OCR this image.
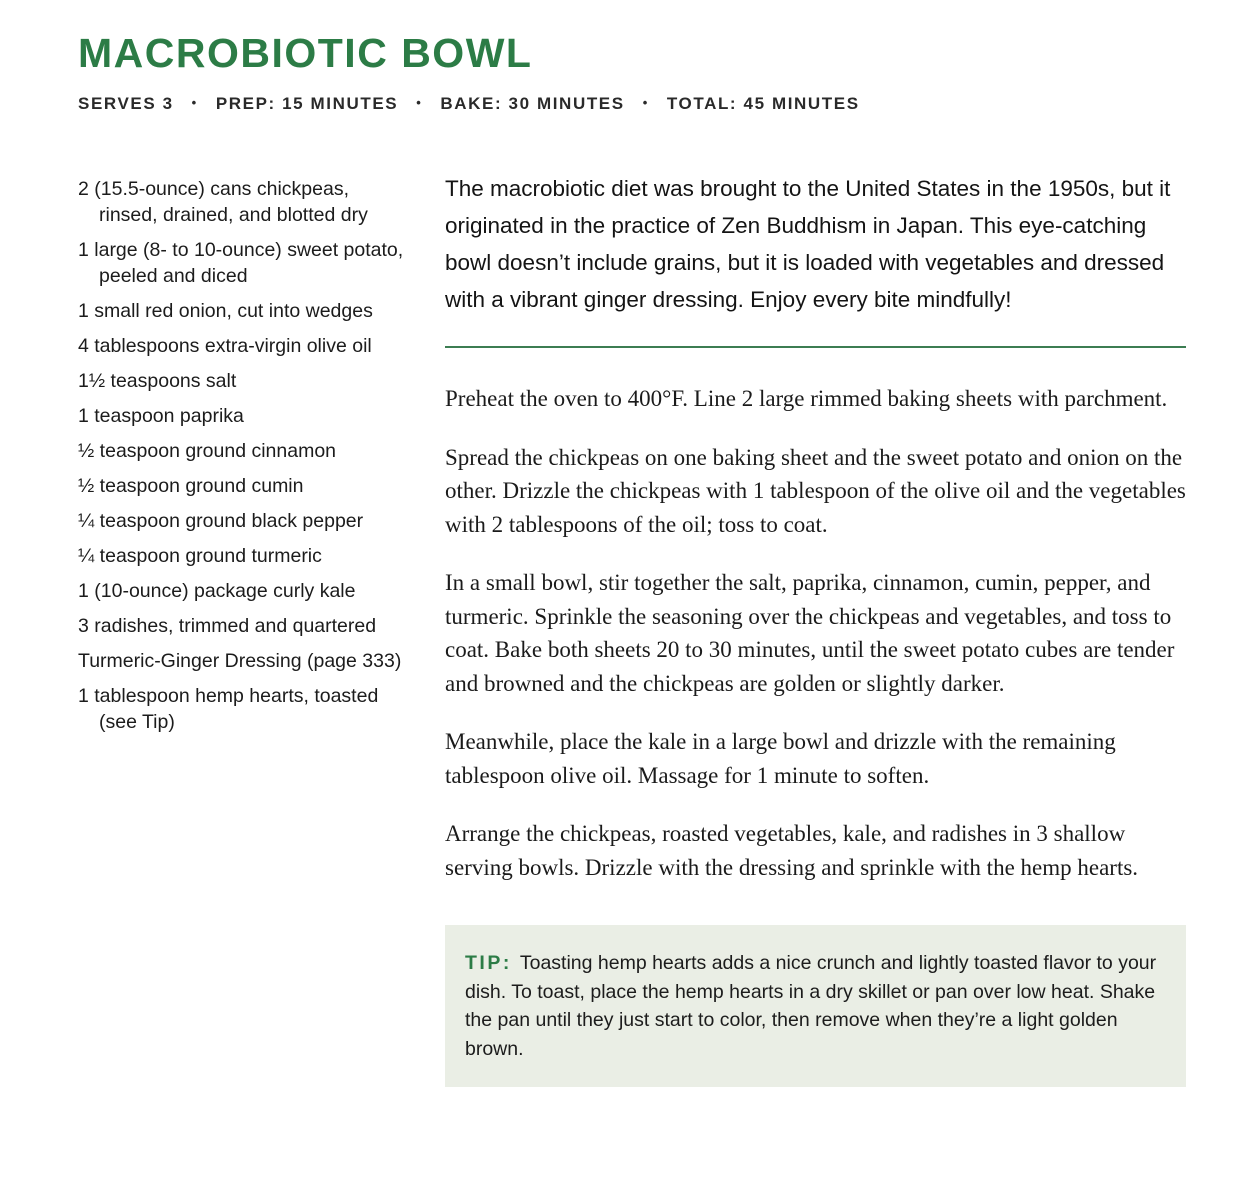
MACROBIOTIC BOWL
SERVES 3 • PREP: 15 MINUTES • BAKE: 30 MINUTES • TOTAL: 45 MINUTES
2 (15.5-ounce) cans chickpeas, rinsed, drained, and blotted dry
1 large (8- to 10-ounce) sweet potato, peeled and diced
1 small red onion, cut into wedges
4 tablespoons extra-virgin olive oil
1½ teaspoons salt
1 teaspoon paprika
½ teaspoon ground cinnamon
½ teaspoon ground cumin
¼ teaspoon ground black pepper
¼ teaspoon ground turmeric
1 (10-ounce) package curly kale
3 radishes, trimmed and quartered
Turmeric-Ginger Dressing (page 333)
1 tablespoon hemp hearts, toasted (see Tip)

The macrobiotic diet was brought to the United States in the 1950s, but it originated in the practice of Zen Buddhism in Japan. This eye-catching bowl doesn’t include grains, but it is loaded with vegetables and dressed with a vibrant ginger dressing. Enjoy every bite mindfully!

Preheat the oven to 400°F. Line 2 large rimmed baking sheets with parchment.

Spread the chickpeas on one baking sheet and the sweet potato and onion on the other. Drizzle the chickpeas with 1 tablespoon of the olive oil and the vegetables with 2 tablespoons of the oil; toss to coat.

In a small bowl, stir together the salt, paprika, cinnamon, cumin, pepper, and turmeric. Sprinkle the seasoning over the chickpeas and vegetables, and toss to coat. Bake both sheets 20 to 30 minutes, until the sweet potato cubes are tender and browned and the chickpeas are golden or slightly darker.

Meanwhile, place the kale in a large bowl and drizzle with the remaining tablespoon olive oil. Massage for 1 minute to soften.

Arrange the chickpeas, roasted vegetables, kale, and radishes in 3 shallow serving bowls. Drizzle with the dressing and sprinkle with the hemp hearts.

TIP: Toasting hemp hearts adds a nice crunch and lightly toasted flavor to your dish. To toast, place the hemp hearts in a dry skillet or pan over low heat. Shake the pan until they just start to color, then remove when they’re a light golden brown.
